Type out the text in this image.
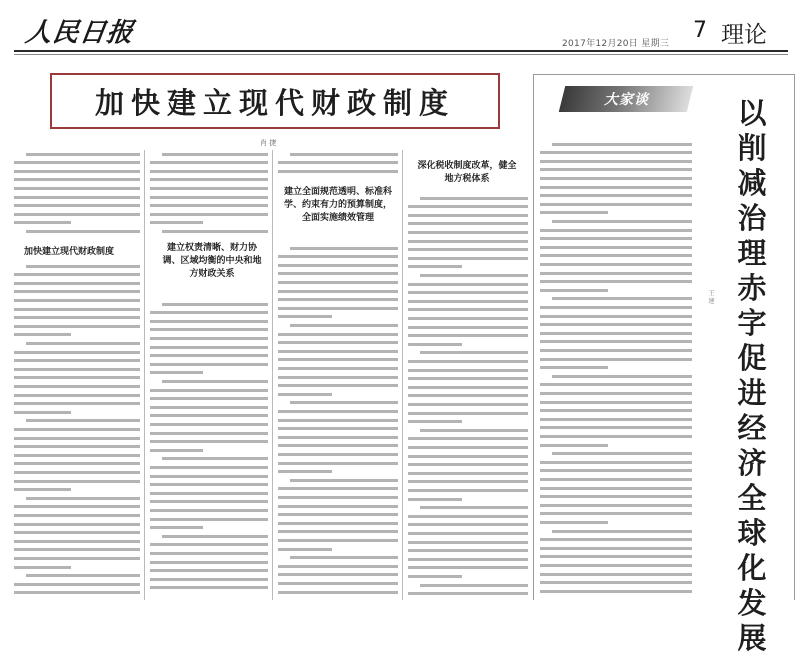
人民日报	2017年12月20日 星期三
7 理论
加快建立现代财政制度
肖 捷
加快建立现代财政制度	建立权责清晰、财力协调、区域均衡的中央和地方财政关系
建立全面规范透明、标准科学、约束有力的预算制度，全面实施绩效管理
深化税收制度改革，健全地方税体系
大家谈	以削减治理赤字促进经济全球化发展
王 建
